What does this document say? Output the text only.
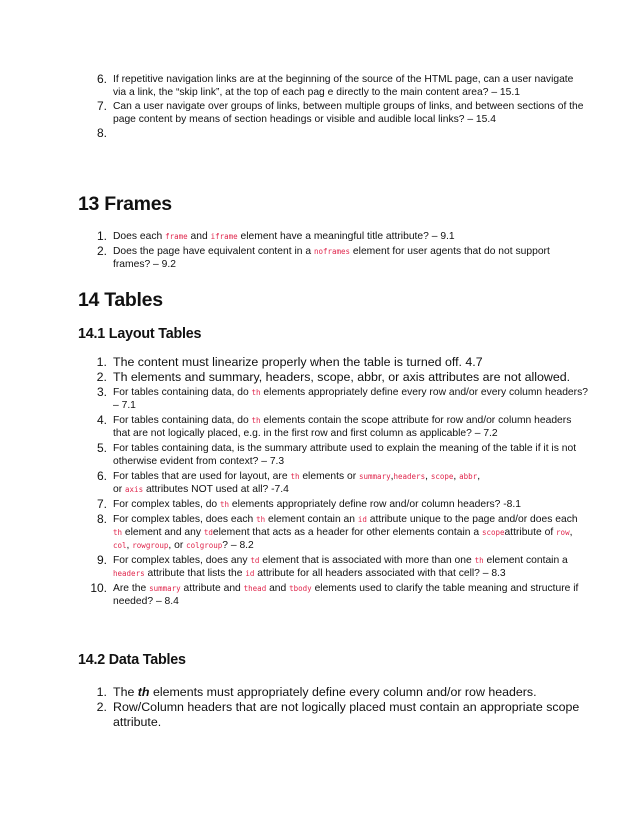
6. If repetitive navigation links are at the beginning of the source of the HTML page, can a user navigate via a link, the “skip link”, at the top of each pag e directly to the main content area? – 15.1
7. Can a user navigate over groups of links, between multiple groups of links, and between sections of the page content by means of section headings or visible and audible local links? – 15.4
8.
13 Frames
1. Does each frame and iframe element have a meaningful title attribute? – 9.1
2. Does the page have equivalent content in a noframes element for user agents that do not support frames? – 9.2
14 Tables
14.1 Layout Tables
1. The content must linearize properly when the table is turned off. 4.7
2. Th elements and summary, headers, scope, abbr, or axis attributes are not allowed.
3. For tables containing data, do th elements appropriately define every row and/or every column headers? – 7.1
4. For tables containing data, do th elements contain the scope attribute for row and/or column headers that are not logically placed, e.g. in the first row and first column as applicable? – 7.2
5. For tables containing data, is the summary attribute used to explain the meaning of the table if it is not otherwise evident from context? – 7.3
6. For tables that are used for layout, are th elements or summary,headers, scope, abbr,
or axis attributes NOT used at all? -7.4
7. For complex tables, do th elements appropriately define row and/or column headers? -8.1
8. For complex tables, does each th element contain an id attribute unique to the page and/or does each th element and any tdelement that acts as a header for other elements contain a scopeattribute of row, col, rowgroup, or colgroup? – 8.2
9. For complex tables, does any td element that is associated with more than one th element contain a headers attribute that lists the id attribute for all headers associated with that cell? – 8.3
10. Are the summary attribute and thead and tbody elements used to clarify the table meaning and structure if needed? – 8.4
14.2 Data Tables
1. The th elements must appropriately define every column and/or row headers.
2. Row/Column headers that are not logically placed must contain an appropriate scope attribute.
